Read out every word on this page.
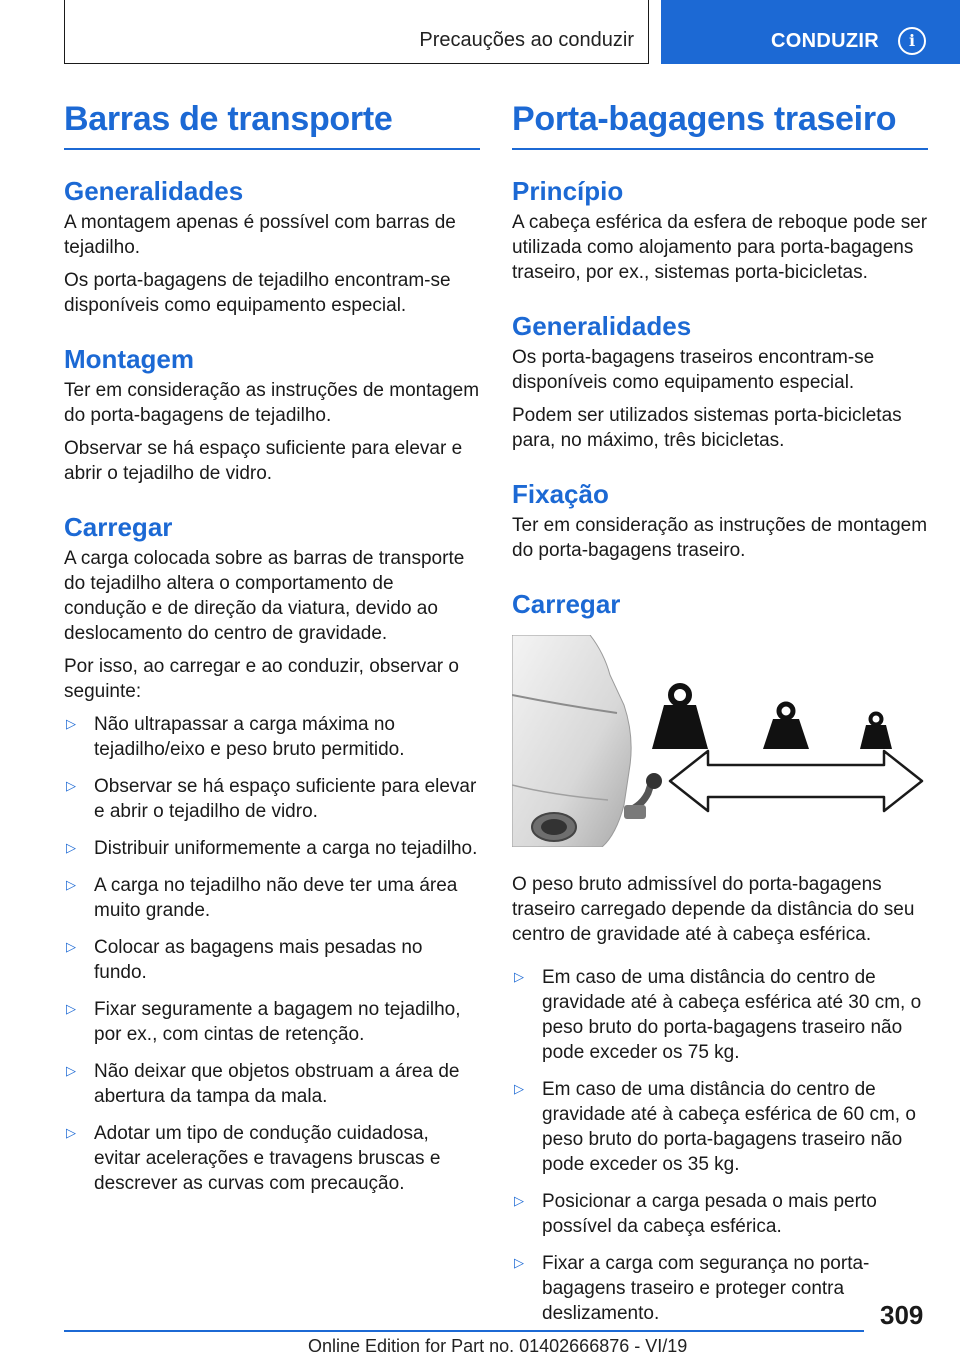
Precauções ao conduzir	CONDUZIR	i
Barras de transporte
Generalidades

A montagem apenas é possível com barras de tejadilho.

Os porta-bagagens de tejadilho encontram-se disponíveis como equipamento especial.

Montagem

Ter em consideração as instruções de montagem do porta-bagagens de tejadilho.

Observar se há espaço suficiente para elevar e abrir o tejadilho de vidro.

Carregar

A carga colocada sobre as barras de transporte do tejadilho altera o comportamento de condução e de direção da viatura, devido ao deslocamento do centro de gravidade.

Por isso, ao carregar e ao conduzir, observar o seguinte:

▷ Não ultrapassar a carga máxima no tejadilho/eixo e peso bruto permitido.
▷ Observar se há espaço suficiente para elevar e abrir o tejadilho de vidro.
▷ Distribuir uniformemente a carga no tejadilho.
▷ A carga no tejadilho não deve ter uma área muito grande.
▷ Colocar as bagagens mais pesadas no fundo.
▷ Fixar seguramente a bagagem no tejadilho, por ex., com cintas de retenção.
▷ Não deixar que objetos obstruam a área de abertura da tampa da mala.
▷ Adotar um tipo de condução cuidadosa, evitar acelerações e travagens bruscas e descrever as curvas com precaução.
Porta-bagagens traseiro
Princípio

A cabeça esférica da esfera de reboque pode ser utilizada como alojamento para porta-bagagens traseiro, por ex., sistemas porta-bicicletas.

Generalidades

Os porta-bagagens traseiros encontram-se disponíveis como equipamento especial.

Podem ser utilizados sistemas porta-bicicletas para, no máximo, três bicicletas.

Fixação

Ter em consideração as instruções de montagem do porta-bagagens traseiro.

Carregar

O peso bruto admissível do porta-bagagens traseiro carregado depende da distância do seu centro de gravidade até à cabeça esférica.

▷ Em caso de uma distância do centro de gravidade até à cabeça esférica até 30 cm, o peso bruto do porta-bagagens traseiro não pode exceder os 75 kg.
▷ Em caso de uma distância do centro de gravidade até à cabeça esférica de 60 cm, o peso bruto do porta-bagagens traseiro não pode exceder os 35 kg.
▷ Posicionar a carga pesada o mais perto possível da cabeça esférica.
▷ Fixar a carga com segurança no porta-bagagens traseiro e proteger contra deslizamento.	309
Online Edition for Part no. 01402666876 - VI/19
